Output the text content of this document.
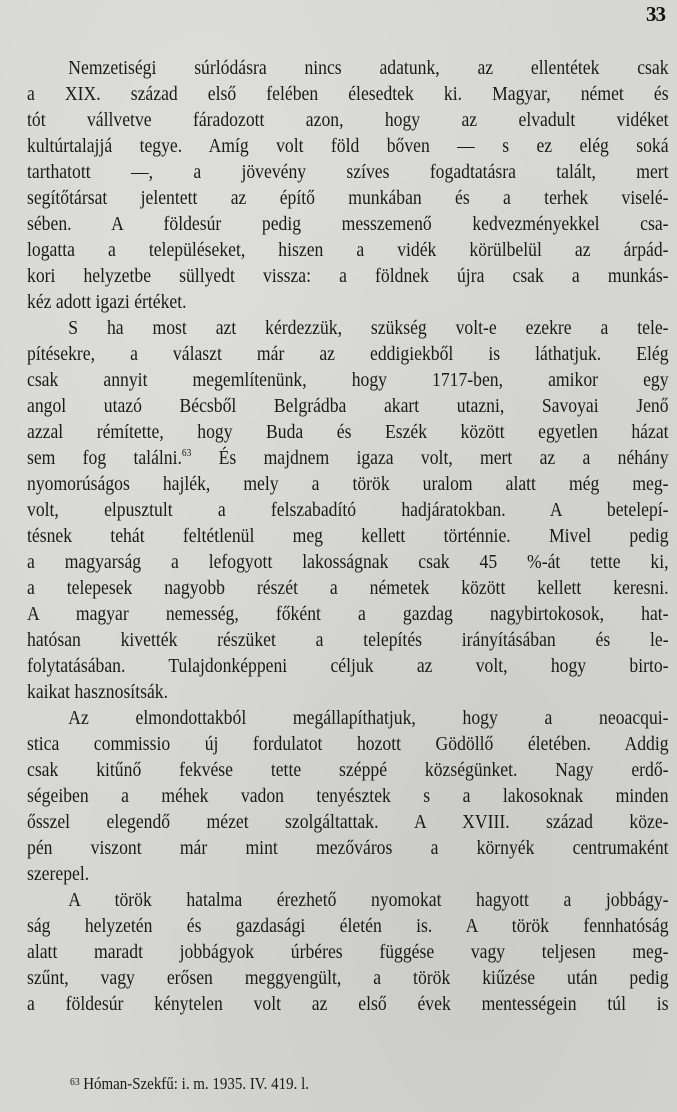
33
Nemzetiségi súrlódásra nincs adatunk, az ellentétek csak
a XIX. század első felében élesedtek ki. Magyar, német és
tót vállvetve fáradozott azon, hogy az elvadult vidéket
kultúrtalajjá tegye. Amíg volt föld bőven — s ez elég soká
tarthatott —, a jövevény szíves fogadtatásra talált, mert
segítőtársat jelentett az építő munkában és a terhek viselé-
sében. A földesúr pedig messzemenő kedvezményekkel csa-
logatta a településeket, hiszen a vidék körülbelül az árpád-
kori helyzetbe süllyedt vissza: a földnek újra csak a munkás-
kéz adott igazi értéket.
S ha most azt kérdezzük, szükség volt-e ezekre a tele-
pítésekre, a választ már az eddigiekből is láthatjuk. Elég
csak annyit megemlítenünk, hogy 1717-ben, amikor egy
angol utazó Bécsből Belgrádba akart utazni, Savoyai Jenő
azzal rémítette, hogy Buda és Eszék között egyetlen házat
sem fog találni.$^{63}$ És majdnem igaza volt, mert az a néhány
nyomorúságos hajlék, mely a török uralom alatt még meg-
volt, elpusztult a felszabadító hadjáratokban. A betelepí-
tésnek tehát feltétlenül meg kellett történnie. Mivel pedig
a magyarság a lefogyott lakosságnak csak 45 %-át tette ki,
a telepesek nagyobb részét a németek között kellett keresni.
A magyar nemesség, főként a gazdag nagybirtokosok, hat-
hatósan kivették részüket a telepítés irányításában és le-
folytatásában. Tulajdonképpeni céljuk az volt, hogy birto-
kaikat hasznosítsák.
Az elmondottakból megállapíthatjuk, hogy a neoacqui-
stica commissio új fordulatot hozott Gödöllő életében. Addig
csak kitűnő fekvése tette széppé községünket. Nagy erdő-
ségeiben a méhek vadon tenyésztek s a lakosoknak minden
ősszel elegendő mézet szolgáltattak. A XVIII. század köze-
pén viszont már mint mezőváros a környék centrumaként
szerepel.
A török hatalma érezhető nyomokat hagyott a jobbágy-
ság helyzetén és gazdasági életén is. A török fennhatóság
alatt maradt jobbágyok úrbéres függése vagy teljesen meg-
szűnt, vagy erősen meggyengült, a török kiűzése után pedig
a földesúr kénytelen volt az első évek mentességein túl is
$^{63}$ Hóman-Szekfű: i. m. 1935. IV. 419. l.
